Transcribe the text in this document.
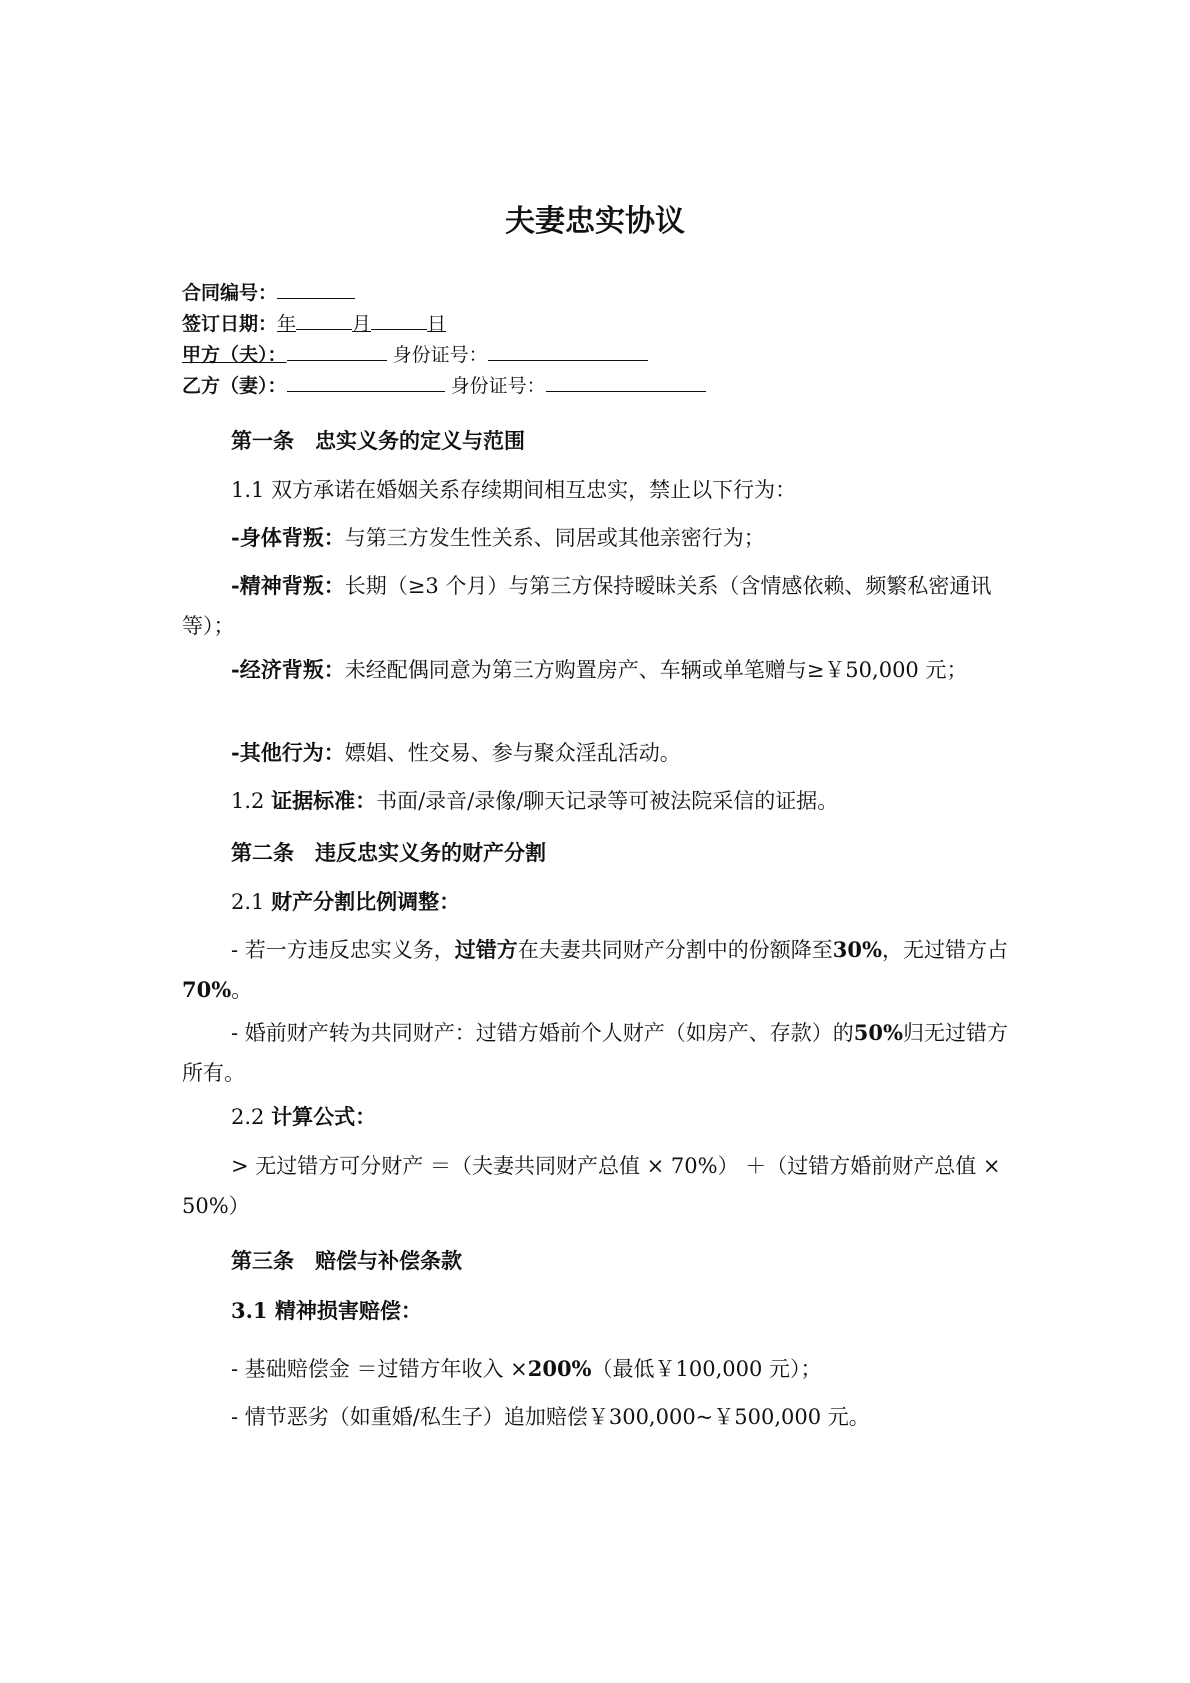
夫妻忠实协议
合同编号：
签订日期：年	月	日
甲方（夫）：	身份证号：
乙方（妻）：	身份证号：
第一条　忠实义务的定义与范围
1.1 双方承诺在婚姻关系存续期间相互忠实，禁止以下行为：
-身体背叛：与第三方发生性关系、同居或其他亲密行为；
-精神背叛：长期（≥3 个月）与第三方保持暧昧关系（含情感依赖、频繁私密通讯等）；
-经济背叛：未经配偶同意为第三方购置房产、车辆或单笔赠与≥￥50,000 元；
-其他行为：嫖娼、性交易、参与聚众淫乱活动。
1.2 证据标准：书面/录音/录像/聊天记录等可被法院采信的证据。
第二条　违反忠实义务的财产分割
2.1 财产分割比例调整：
- 若一方违反忠实义务，过错方在夫妻共同财产分割中的份额降至30%，无过错方占70%。
- 婚前财产转为共同财产：过错方婚前个人财产（如房产、存款）的50%归无过错方所有。
2.2 计算公式：
> 无过错方可分财产 ＝（夫妻共同财产总值 × 70%） ＋（过错方婚前财产总值 × 50%）
第三条　赔偿与补偿条款
3.1 精神损害赔偿：
- 基础赔偿金 ＝过错方年收入 ×200%（最低￥100,000 元）；
- 情节恶劣（如重婚/私生子）追加赔偿￥300,000~￥500,000 元。
